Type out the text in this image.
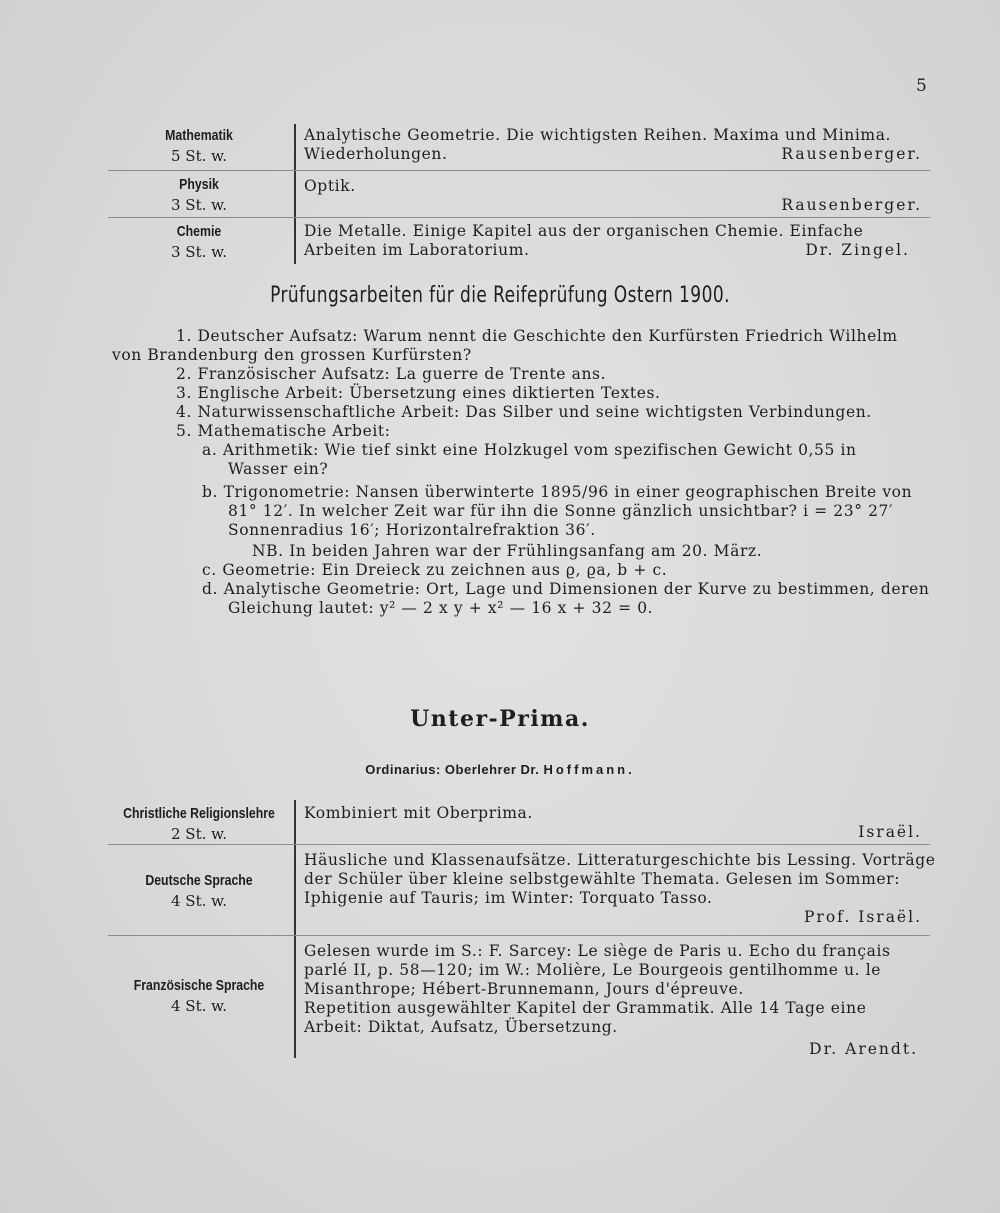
5
Mathematik
5 St. w.
Analytische Geometrie. Die wichtigsten Reihen. Maxima und Minima.
Wiederholungen.	Rausenberger.
Physik
3 St. w.
Optik.
Rausenberger.
Chemie
3 St. w.
Die Metalle. Einige Kapitel aus der organischen Chemie. Einfache
Arbeiten im Laboratorium.	Dr. Zingel.
Prüfungsarbeiten für die Reifeprüfung Ostern 1900.
1. Deutscher Aufsatz: Warum nennt die Geschichte den Kurfürsten Friedrich Wilhelm
von Brandenburg den grossen Kurfürsten?
2. Französischer Aufsatz: La guerre de Trente ans.
3. Englische Arbeit: Übersetzung eines diktierten Textes.
4. Naturwissenschaftliche Arbeit: Das Silber und seine wichtigsten Verbindungen.
5. Mathematische Arbeit:
a. Arithmetik: Wie tief sinkt eine Holzkugel vom spezifischen Gewicht 0,55 in
Wasser ein?
b. Trigonometrie: Nansen überwinterte 1895/96 in einer geographischen Breite von
81° 12′. In welcher Zeit war für ihn die Sonne gänzlich unsichtbar? i = 23° 27′
Sonnenradius 16′; Horizontalrefraktion 36′.
NB. In beiden Jahren war der Frühlingsanfang am 20. März.
c. Geometrie: Ein Dreieck zu zeichnen aus ϱ, ϱa, b + c.
d. Analytische Geometrie: Ort, Lage und Dimensionen der Kurve zu bestimmen, deren
Gleichung lautet: y² — 2 x y + x² — 16 x + 32 = 0.
Unter-Prima.
Ordinarius: Oberlehrer Dr. Hoffmann.
Christliche Religionslehre
2 St. w.
Kombiniert mit Oberprima.
Israël.
Deutsche Sprache
4 St. w.
Häusliche und Klassenaufsätze. Litteraturgeschichte bis Lessing. Vorträge
der Schüler über kleine selbstgewählte Themata. Gelesen im Sommer:
Iphigenie auf Tauris; im Winter: Torquato Tasso.
Prof. Israël.
Französische Sprache
4 St. w.
Gelesen wurde im S.: F. Sarcey: Le siège de Paris u. Echo du français
parlé II, p. 58—120; im W.: Molière, Le Bourgeois gentilhomme u. le
Misanthrope; Hébert-Brunnemann, Jours d'épreuve.
Repetition ausgewählter Kapitel der Grammatik. Alle 14 Tage eine
Arbeit: Diktat, Aufsatz, Übersetzung.
Dr. Arendt.
